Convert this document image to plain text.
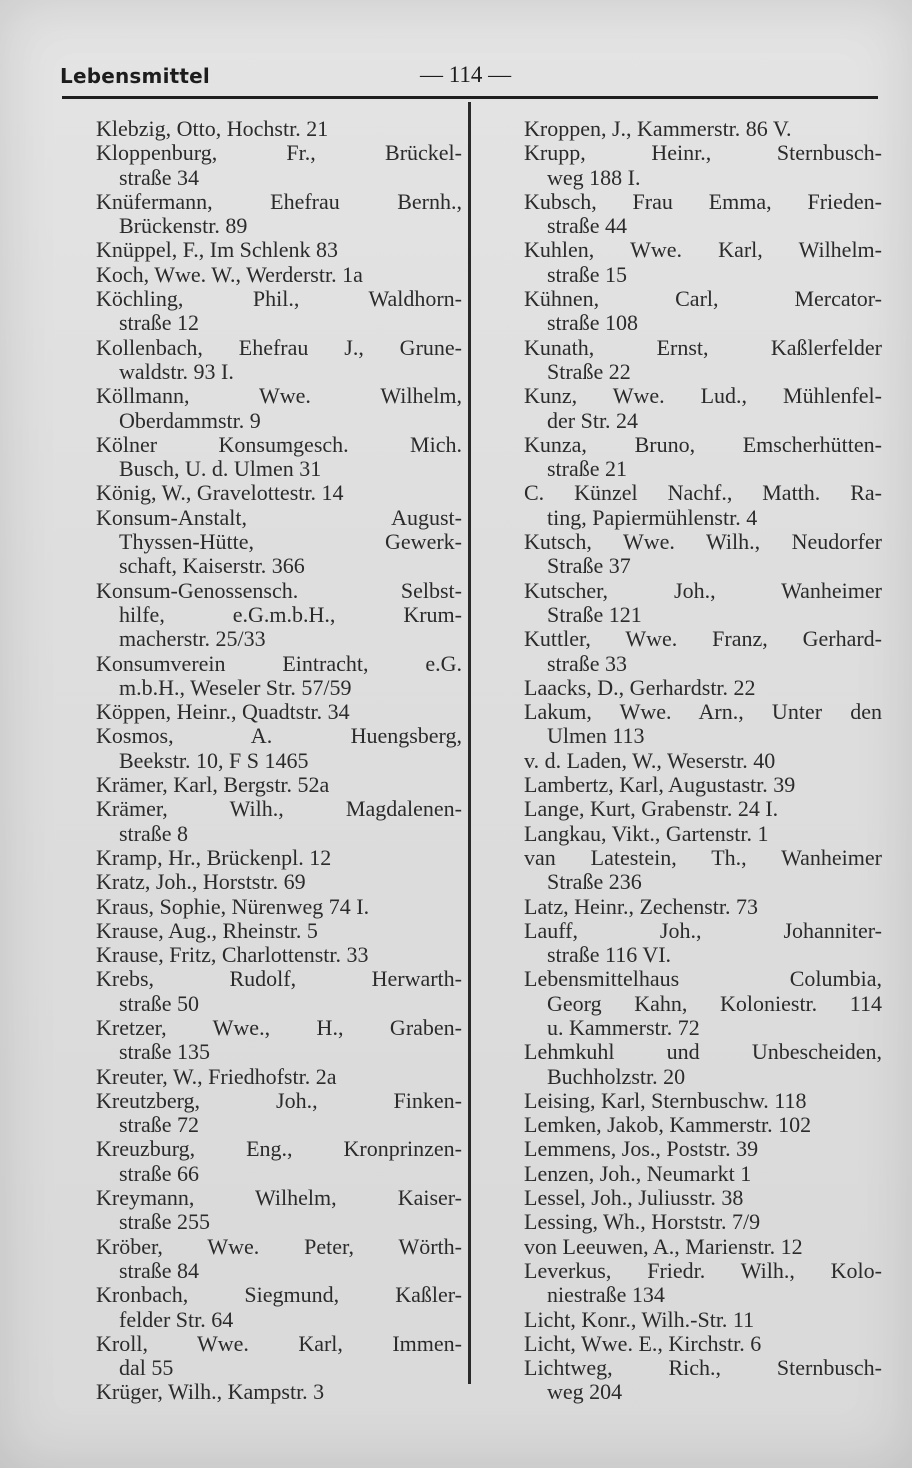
Lebensmittel	— 114 —
Klebzig, Otto, Hochstr. 21
Kloppenburg, Fr., Brückel-
straße 34
Knüfermann, Ehefrau Bernh.,
Brückenstr. 89
Knüppel, F., Im Schlenk 83
Koch, Wwe. W., Werderstr. 1a
Köchling, Phil., Waldhorn-
straße 12
Kollenbach, Ehefrau J., Grune-
waldstr. 93 I.
Köllmann, Wwe. Wilhelm,
Oberdammstr. 9
Kölner Konsumgesch. Mich.
Busch, U. d. Ulmen 31
König, W., Gravelottestr. 14
Konsum-Anstalt, August-
Thyssen-Hütte, Gewerk-
schaft, Kaiserstr. 366
Konsum-Genossensch. Selbst-
hilfe, e.G.m.b.H., Krum-
macherstr. 25/33
Konsumverein Eintracht, e.G.
m.b.H., Weseler Str. 57/59
Köppen, Heinr., Quadtstr. 34
Kosmos, A. Huengsberg,
Beekstr. 10, F S 1465
Krämer, Karl, Bergstr. 52a
Krämer, Wilh., Magdalenen-
straße 8
Kramp, Hr., Brückenpl. 12
Kratz, Joh., Horststr. 69
Kraus, Sophie, Nürenweg 74 I.
Krause, Aug., Rheinstr. 5
Krause, Fritz, Charlottenstr. 33
Krebs, Rudolf, Herwarth-
straße 50
Kretzer, Wwe., H., Graben-
straße 135
Kreuter, W., Friedhofstr. 2a
Kreutzberg, Joh., Finken-
straße 72
Kreuzburg, Eng., Kronprinzen-
straße 66
Kreymann, Wilhelm, Kaiser-
straße 255
Kröber, Wwe. Peter, Wörth-
straße 84
Kronbach, Siegmund, Kaßler-
felder Str. 64
Kroll, Wwe. Karl, Immen-
dal 55
Krüger, Wilh., Kampstr. 3
Kroppen, J., Kammerstr. 86 V.
Krupp, Heinr., Sternbusch-
weg 188 I.
Kubsch, Frau Emma, Frieden-
straße 44
Kuhlen, Wwe. Karl, Wilhelm-
straße 15
Kühnen, Carl, Mercator-
straße 108
Kunath, Ernst, Kaßlerfelder
Straße 22
Kunz, Wwe. Lud., Mühlenfel-
der Str. 24
Kunza, Bruno, Emscherhütten-
straße 21
C. Künzel Nachf., Matth. Ra-
ting, Papiermühlenstr. 4
Kutsch, Wwe. Wilh., Neudorfer
Straße 37
Kutscher, Joh., Wanheimer
Straße 121
Kuttler, Wwe. Franz, Gerhard-
straße 33
Laacks, D., Gerhardstr. 22
Lakum, Wwe. Arn., Unter den
Ulmen 113
v. d. Laden, W., Weserstr. 40
Lambertz, Karl, Augustastr. 39
Lange, Kurt, Grabenstr. 24 I.
Langkau, Vikt., Gartenstr. 1
van Latestein, Th., Wanheimer
Straße 236
Latz, Heinr., Zechenstr. 73
Lauff, Joh., Johanniter-
straße 116 VI.
Lebensmittelhaus Columbia,
Georg Kahn, Koloniestr. 114
u. Kammerstr. 72
Lehmkuhl und Unbescheiden,
Buchholzstr. 20
Leising, Karl, Sternbuschw. 118
Lemken, Jakob, Kammerstr. 102
Lemmens, Jos., Poststr. 39
Lenzen, Joh., Neumarkt 1
Lessel, Joh., Juliusstr. 38
Lessing, Wh., Horststr. 7/9
von Leeuwen, A., Marienstr. 12
Leverkus, Friedr. Wilh., Kolo-
niestraße 134
Licht, Konr., Wilh.-Str. 11
Licht, Wwe. E., Kirchstr. 6
Lichtweg, Rich., Sternbusch-
weg 204
